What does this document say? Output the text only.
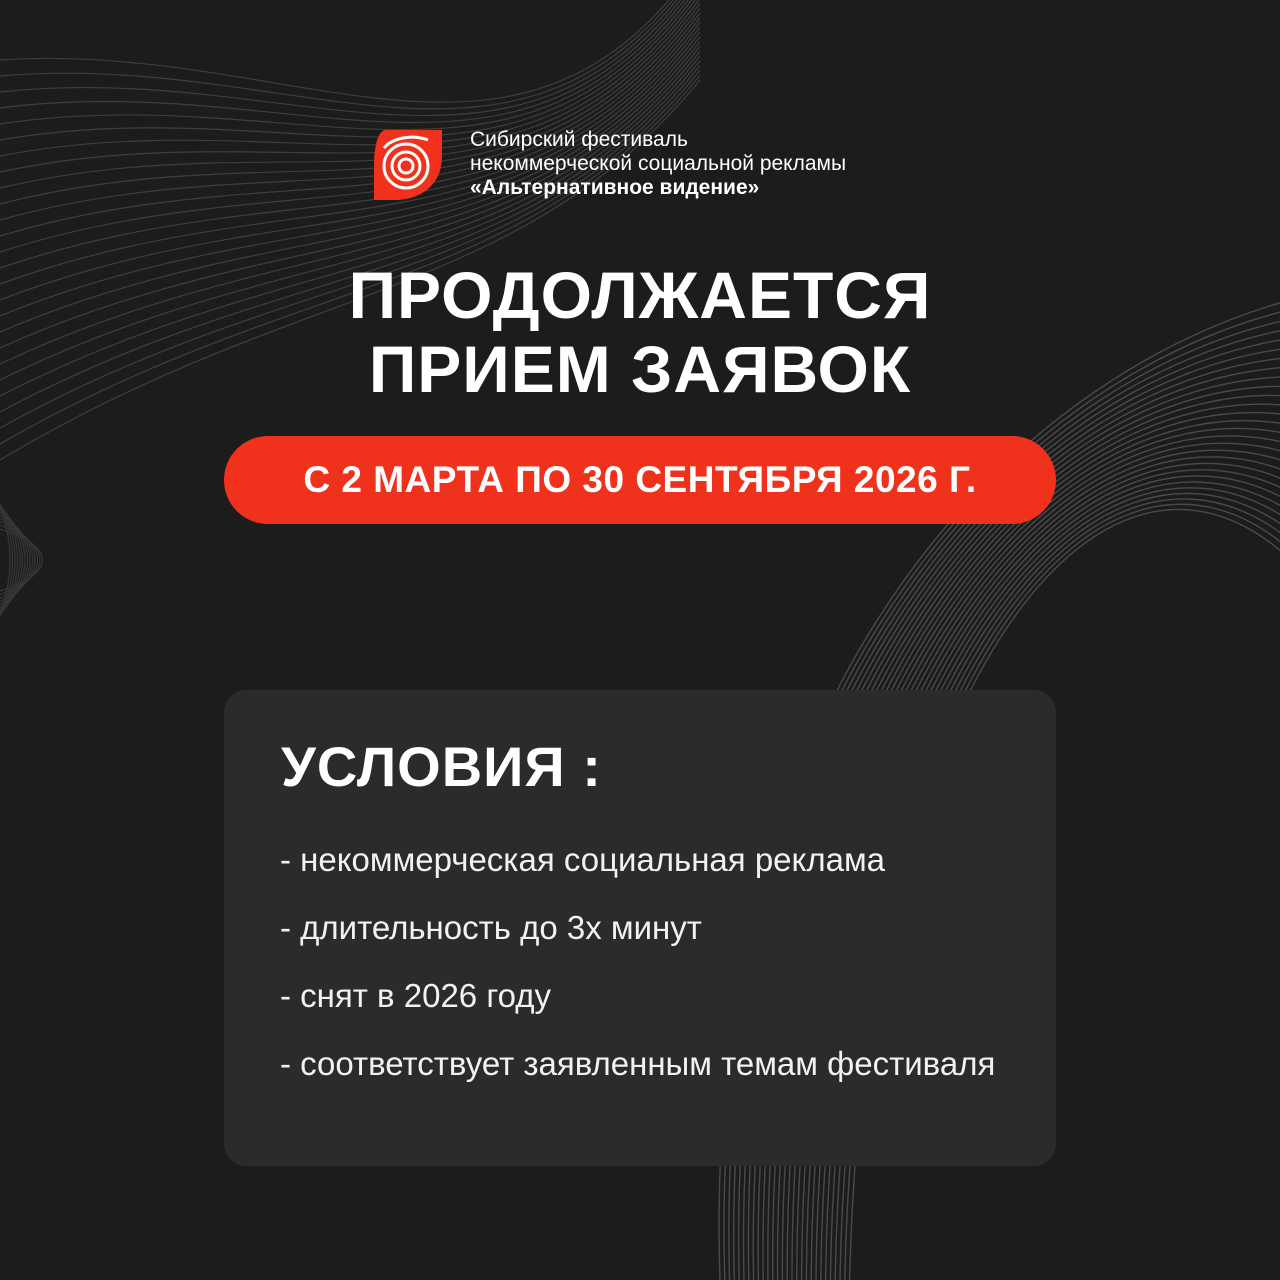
Сибирский фестиваль
некоммерческой социальной рекламы
«Альтернативное видение»
ПРОДОЛЖАЕТСЯ
ПРИЕМ ЗАЯВОК
С 2 МАРТА ПО 30 СЕНТЯБРЯ 2026 Г.
УСЛОВИЯ :
- некоммерческая социальная реклама
- длительность до 3х минут
- снят в 2026 году
- соответствует заявленным темам фестиваля
